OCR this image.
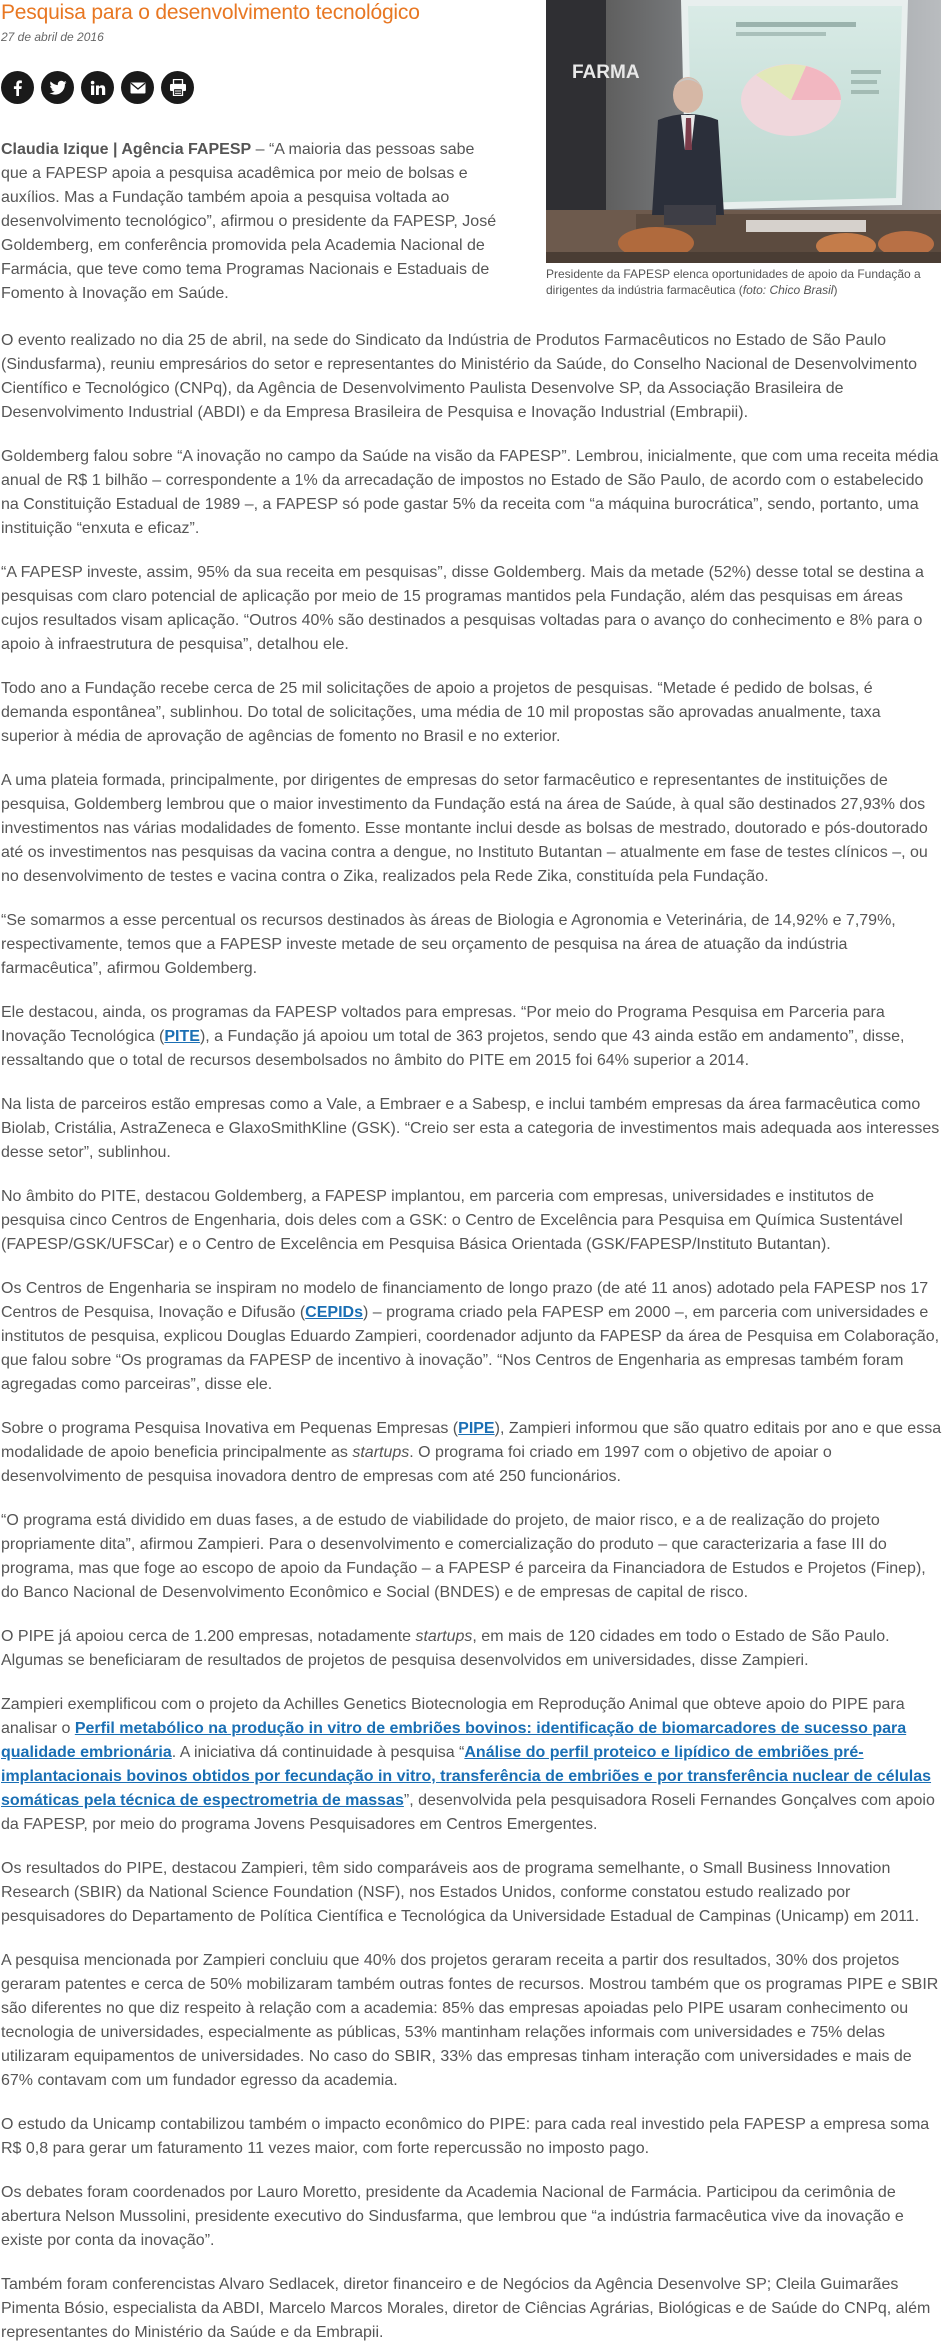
FARMA
Presidente da FAPESP elenca oportunidades de apoio da Fundação a dirigentes da indústria farmacêutica (foto: Chico Brasil)
Pesquisa para o desenvolvimento tecnológico
27 de abril de 2016

Claudia Izique | Agência FAPESP – “A maioria das pessoas sabe que a FAPESP apoia a pesquisa acadêmica por meio de bolsas e auxílios. Mas a Fundação também apoia a pesquisa voltada ao desenvolvimento tecnológico”, afirmou o presidente da FAPESP, José Goldemberg, em conferência promovida pela Academia Nacional de Farmácia, que teve como tema Programas Nacionais e Estaduais de Fomento à Inovação em Saúde.

O evento realizado no dia 25 de abril, na sede do Sindicato da Indústria de Produtos Farmacêuticos no Estado de São Paulo (Sindusfarma), reuniu empresários do setor e representantes do Ministério da Saúde, do Conselho Nacional de Desenvolvimento Científico e Tecnológico (CNPq), da Agência de Desenvolvimento Paulista Desenvolve SP, da Associação Brasileira de Desenvolvimento Industrial (ABDI) e da Empresa Brasileira de Pesquisa e Inovação Industrial (Embrapii).

Goldemberg falou sobre “A inovação no campo da Saúde na visão da FAPESP”. Lembrou, inicialmente, que com uma receita média anual de R$ 1 bilhão – correspondente a 1% da arrecadação de impostos no Estado de São Paulo, de acordo com o estabelecido na Constituição Estadual de 1989 –, a FAPESP só pode gastar 5% da receita com “a máquina burocrática”, sendo, portanto, uma instituição “enxuta e eficaz”.

“A FAPESP investe, assim, 95% da sua receita em pesquisas”, disse Goldemberg. Mais da metade (52%) desse total se destina a pesquisas com claro potencial de aplicação por meio de 15 programas mantidos pela Fundação, além das pesquisas em áreas cujos resultados visam aplicação. “Outros 40% são destinados a pesquisas voltadas para o avanço do conhecimento e 8% para o apoio à infraestrutura de pesquisa”, detalhou ele.

Todo ano a Fundação recebe cerca de 25 mil solicitações de apoio a projetos de pesquisas. “Metade é pedido de bolsas, é demanda espontânea”, sublinhou. Do total de solicitações, uma média de 10 mil propostas são aprovadas anualmente, taxa superior à média de aprovação de agências de fomento no Brasil e no exterior.

A uma plateia formada, principalmente, por dirigentes de empresas do setor farmacêutico e representantes de instituições de pesquisa, Goldemberg lembrou que o maior investimento da Fundação está na área de Saúde, à qual são destinados 27,93% dos investimentos nas várias modalidades de fomento. Esse montante inclui desde as bolsas de mestrado, doutorado e pós-doutorado até os investimentos nas pesquisas da vacina contra a dengue, no Instituto Butantan – atualmente em fase de testes clínicos –, ou no desenvolvimento de testes e vacina contra o Zika, realizados pela Rede Zika, constituída pela Fundação.

“Se somarmos a esse percentual os recursos destinados às áreas de Biologia e Agronomia e Veterinária, de 14,92% e 7,79%, respectivamente, temos que a FAPESP investe metade de seu orçamento de pesquisa na área de atuação da indústria farmacêutica”, afirmou Goldemberg.

Ele destacou, ainda, os programas da FAPESP voltados para empresas. “Por meio do Programa Pesquisa em Parceria para Inovação Tecnológica (PITE), a Fundação já apoiou um total de 363 projetos, sendo que 43 ainda estão em andamento”, disse, ressaltando que o total de recursos desembolsados no âmbito do PITE em 2015 foi 64% superior a 2014.

Na lista de parceiros estão empresas como a Vale, a Embraer e a Sabesp, e inclui também empresas da área farmacêutica como Biolab, Cristália, AstraZeneca e GlaxoSmithKline (GSK). “Creio ser esta a categoria de investimentos mais adequada aos interesses desse setor”, sublinhou.

No âmbito do PITE, destacou Goldemberg, a FAPESP implantou, em parceria com empresas, universidades e institutos de pesquisa cinco Centros de Engenharia, dois deles com a GSK: o Centro de Excelência para Pesquisa em Química Sustentável (FAPESP/GSK/UFSCar) e o Centro de Excelência em Pesquisa Básica Orientada (GSK/FAPESP/Instituto Butantan).

Os Centros de Engenharia se inspiram no modelo de financiamento de longo prazo (de até 11 anos) adotado pela FAPESP nos 17 Centros de Pesquisa, Inovação e Difusão (CEPIDs) – programa criado pela FAPESP em 2000 –, em parceria com universidades e institutos de pesquisa, explicou Douglas Eduardo Zampieri, coordenador adjunto da FAPESP da área de Pesquisa em Colaboração, que falou sobre “Os programas da FAPESP de incentivo à inovação”. “Nos Centros de Engenharia as empresas também foram agregadas como parceiras”, disse ele.

Sobre o programa Pesquisa Inovativa em Pequenas Empresas (PIPE), Zampieri informou que são quatro editais por ano e que essa modalidade de apoio beneficia principalmente as startups. O programa foi criado em 1997 com o objetivo de apoiar o desenvolvimento de pesquisa inovadora dentro de empresas com até 250 funcionários.

“O programa está dividido em duas fases, a de estudo de viabilidade do projeto, de maior risco, e a de realização do projeto propriamente dita”, afirmou Zampieri. Para o desenvolvimento e comercialização do produto – que caracterizaria a fase III do programa, mas que foge ao escopo de apoio da Fundação – a FAPESP é parceira da Financiadora de Estudos e Projetos (Finep), do Banco Nacional de Desenvolvimento Econômico e Social (BNDES) e de empresas de capital de risco.

O PIPE já apoiou cerca de 1.200 empresas, notadamente startups, em mais de 120 cidades em todo o Estado de São Paulo. Algumas se beneficiaram de resultados de projetos de pesquisa desenvolvidos em universidades, disse Zampieri.

Zampieri exemplificou com o projeto da Achilles Genetics Biotecnologia em Reprodução Animal que obteve apoio do PIPE para analisar o Perfil metabólico na produção in vitro de embriões bovinos: identificação de biomarcadores de sucesso para qualidade embrionária. A iniciativa dá continuidade à pesquisa “Análise do perfil proteico e lipídico de embriões pré-implantacionais bovinos obtidos por fecundação in vitro, transferência de embriões e por transferência nuclear de células somáticas pela técnica de espectrometria de massas”, desenvolvida pela pesquisadora Roseli Fernandes Gonçalves com apoio da FAPESP, por meio do programa Jovens Pesquisadores em Centros Emergentes.

Os resultados do PIPE, destacou Zampieri, têm sido comparáveis aos de programa semelhante, o Small Business Innovation Research (SBIR) da National Science Foundation (NSF), nos Estados Unidos, conforme constatou estudo realizado por pesquisadores do Departamento de Política Científica e Tecnológica da Universidade Estadual de Campinas (Unicamp) em 2011.

A pesquisa mencionada por Zampieri concluiu que 40% dos projetos geraram receita a partir dos resultados, 30% dos projetos geraram patentes e cerca de 50% mobilizaram também outras fontes de recursos. Mostrou também que os programas PIPE e SBIR são diferentes no que diz respeito à relação com a academia: 85% das empresas apoiadas pelo PIPE usaram conhecimento ou tecnologia de universidades, especialmente as públicas, 53% mantinham relações informais com universidades e 75% delas utilizaram equipamentos de universidades. No caso do SBIR, 33% das empresas tinham interação com universidades e mais de 67% contavam com um fundador egresso da academia.

O estudo da Unicamp contabilizou também o impacto econômico do PIPE: para cada real investido pela FAPESP a empresa soma R$ 0,8 para gerar um faturamento 11 vezes maior, com forte repercussão no imposto pago.

Os debates foram coordenados por Lauro Moretto, presidente da Academia Nacional de Farmácia. Participou da cerimônia de abertura Nelson Mussolini, presidente executivo do Sindusfarma, que lembrou que “a indústria farmacêutica vive da inovação e existe por conta da inovação”.

Também foram conferencistas Alvaro Sedlacek, diretor financeiro e de Negócios da Agência Desenvolve SP; Cleila Guimarães Pimenta Bósio, especialista da ABDI, Marcelo Marcos Morales, diretor de Ciências Agrárias, Biológicas e de Saúde do CNPq, além representantes do Ministério da Saúde e da Embrapii.
